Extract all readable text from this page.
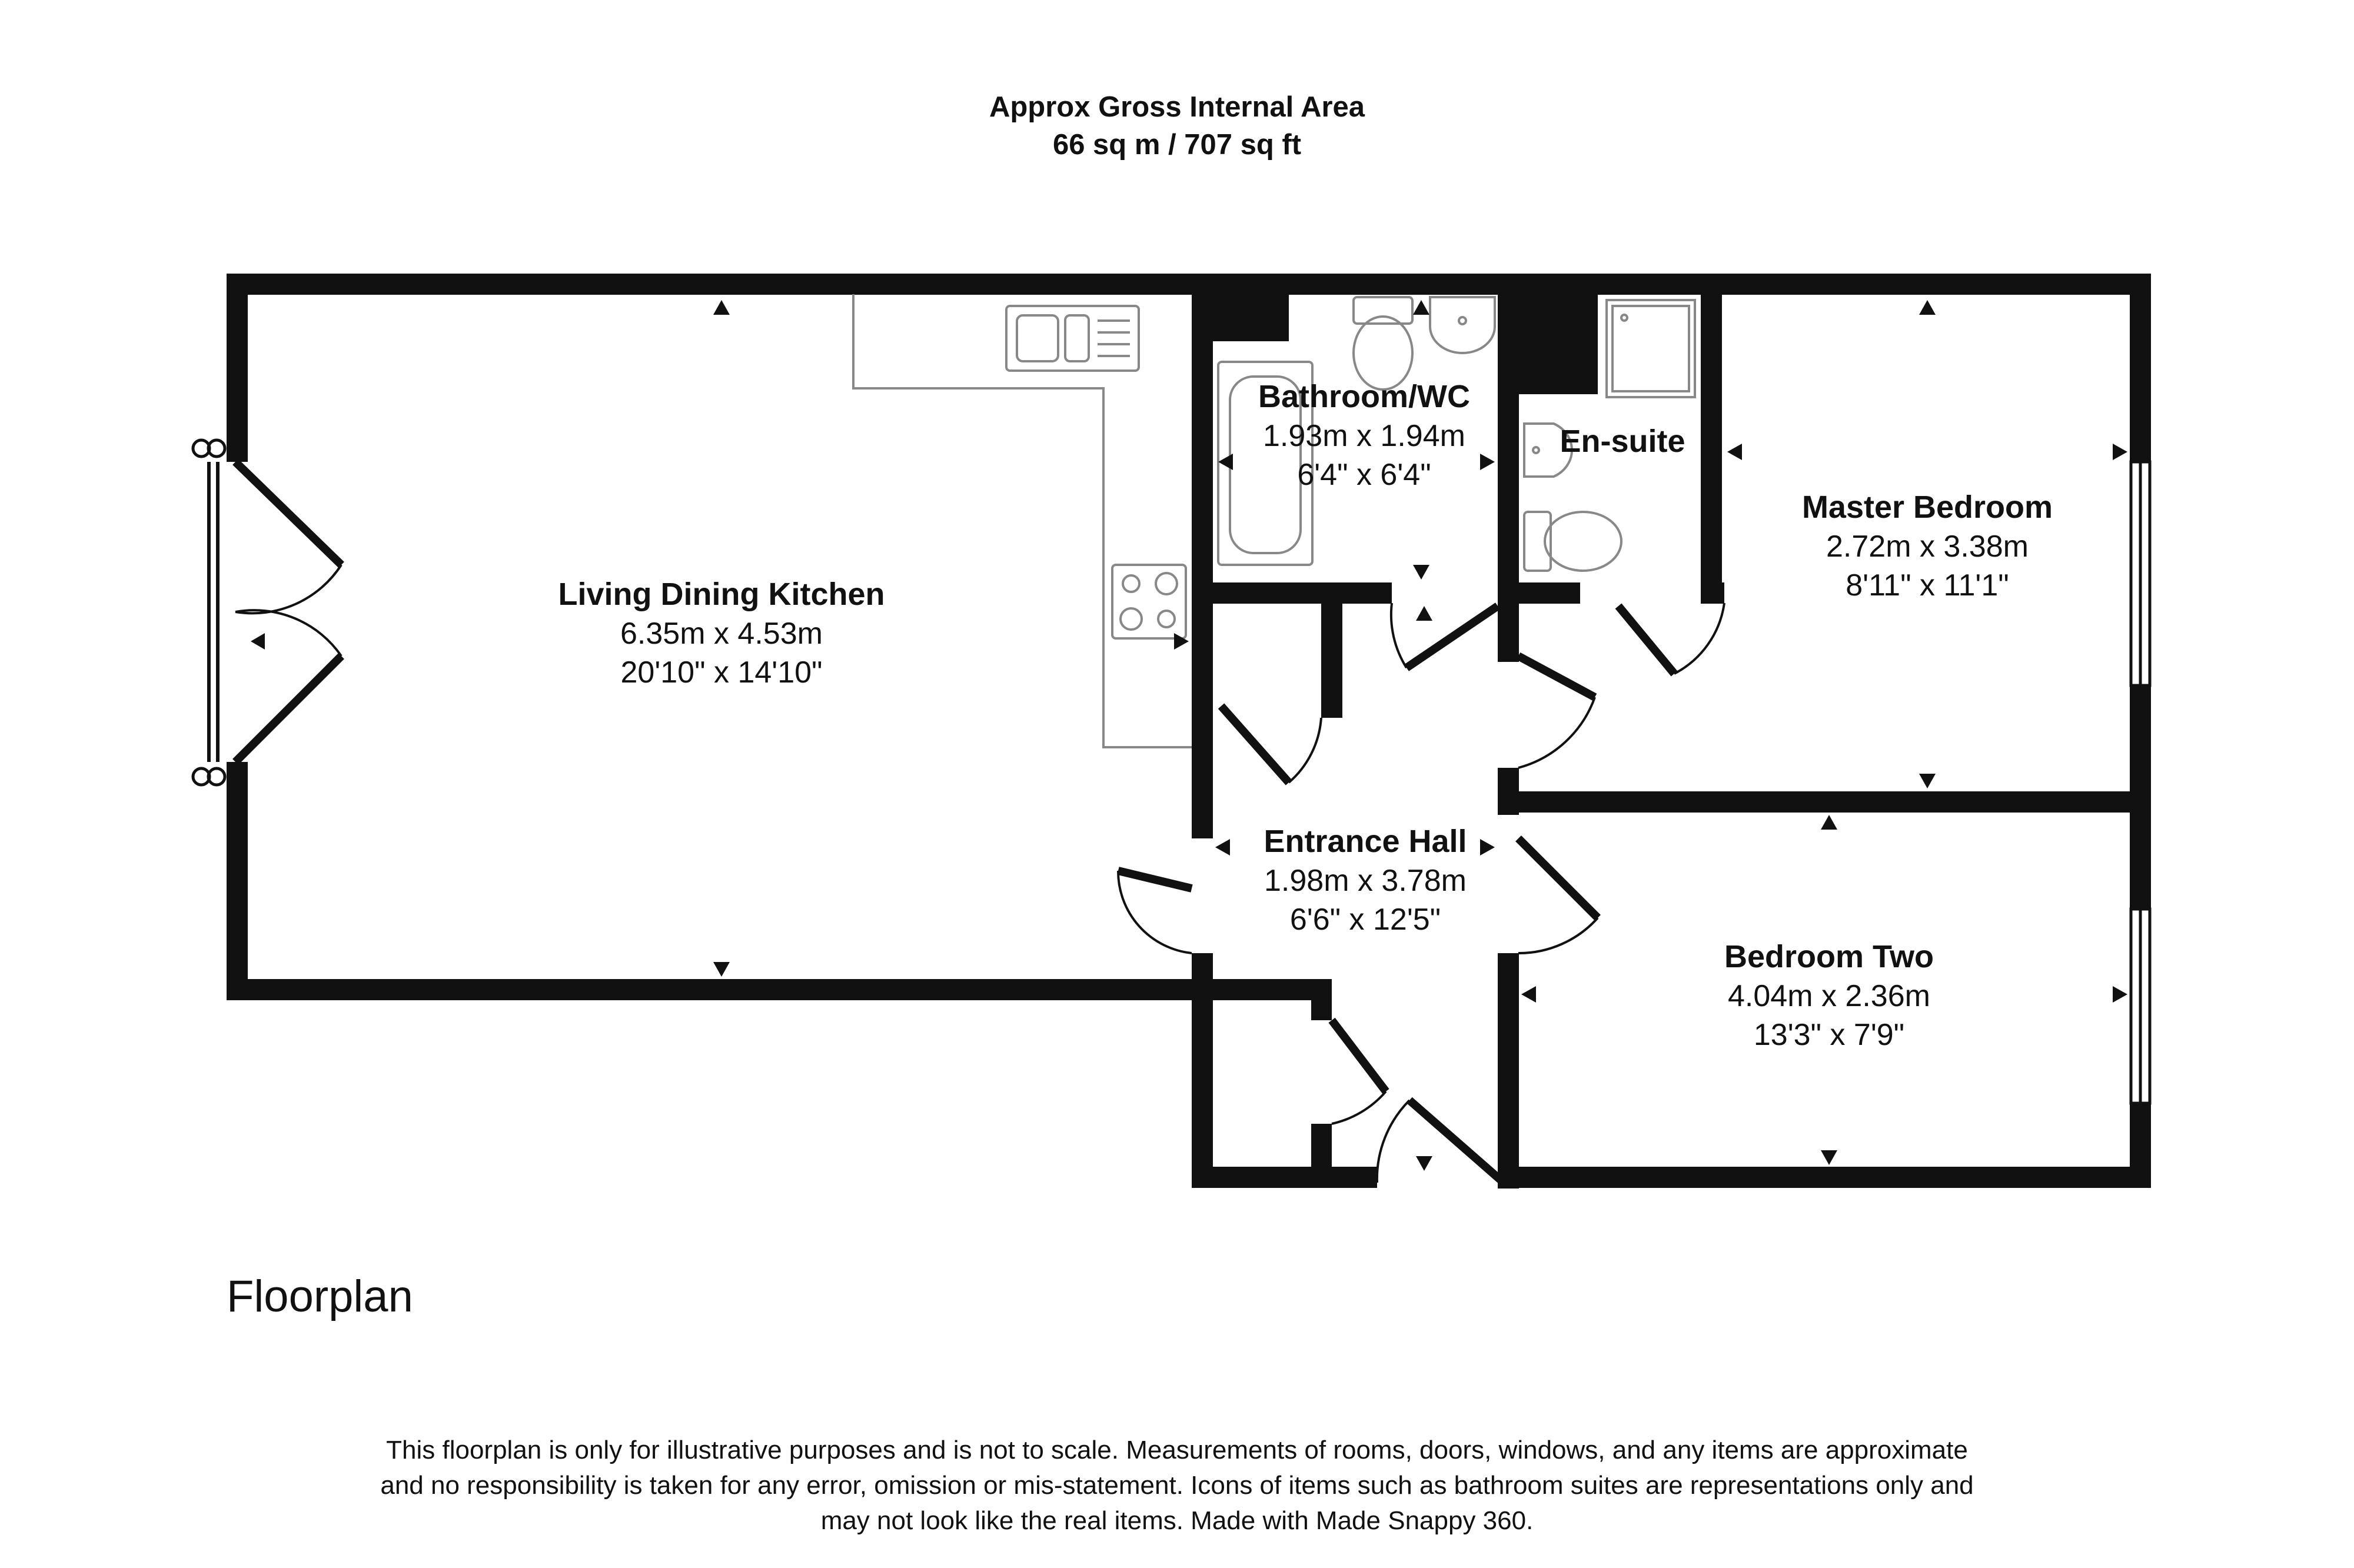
Approx Gross Internal Area
66 sq m / 707 sq ft
Living Dining Kitchen
6.35m x 4.53m
20'10" x 14'10"
Bathroom/WC
1.93m x 1.94m
6'4" x 6'4"
En-suite
Master Bedroom
2.72m x 3.38m
8'11" x 11'1"
Entrance Hall
1.98m x 3.78m
6'6" x 12'5"
Bedroom Two
4.04m x 2.36m
13'3" x 7'9"
Floorplan
This floorplan is only for illustrative purposes and is not to scale. Measurements of rooms, doors, windows, and any items are approximate
and no responsibility is taken for any error, omission or mis-statement. Icons of items such as bathroom suites are representations only and
may not look like the real items. Made with Made Snappy 360.
